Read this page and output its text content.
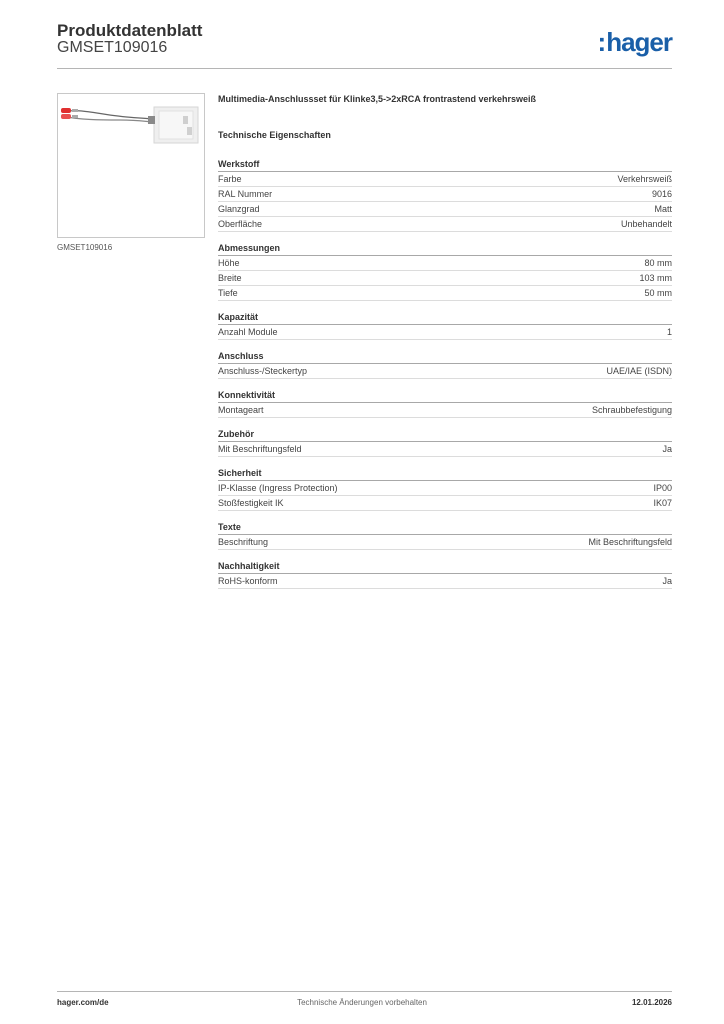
Produktdatenblatt
GMSET109016	:hager
GMSET109016
Multimedia-Anschlussset für Klinke3,5->2xRCA frontrastend verkehrsweiß
Technische Eigenschaften
Werkstoff
Farbe	Verkehrsweiß
RAL Nummer	9016
Glanzgrad	Matt
Oberfläche	Unbehandelt
Abmessungen
Höhe	80 mm
Breite	103 mm
Tiefe	50 mm
Kapazität
Anzahl Module	1
Anschluss
Anschluss-/Steckertyp	UAE/IAE (ISDN)
Konnektivität
Montageart	Schraubbefestigung
Zubehör
Mit Beschriftungsfeld	Ja
Sicherheit
IP-Klasse (Ingress Protection)	IP00
Stoßfestigkeit IK	IK07
Texte
Beschriftung	Mit Beschriftungsfeld
Nachhaltigkeit
RoHS-konform	Ja
hager.com/de	Technische Änderungen vorbehalten	12.01.2026
